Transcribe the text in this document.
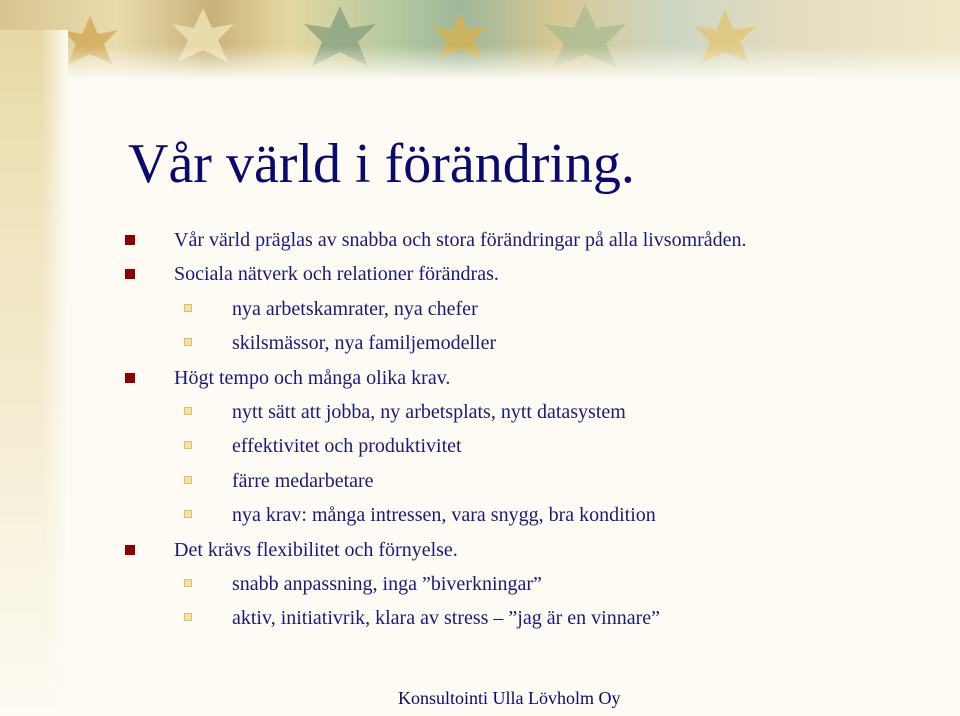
Vår värld i förändring.
Vår värld präglas av snabba och stora förändringar på alla livsområden.
Sociala nätverk och relationer förändras.
nya arbetskamrater, nya chefer
skilsmässor, nya familjemodeller
Högt tempo och många olika krav.
nytt sätt att jobba, ny arbetsplats, nytt datasystem
effektivitet och produktivitet
färre medarbetare
nya krav: många intressen, vara snygg, bra kondition
Det krävs flexibilitet och förnyelse.
snabb anpassning, inga ”biverkningar”
aktiv, initiativrik, klara av stress – ”jag är en vinnare”

Konsultointi Ulla Lövholm Oy
